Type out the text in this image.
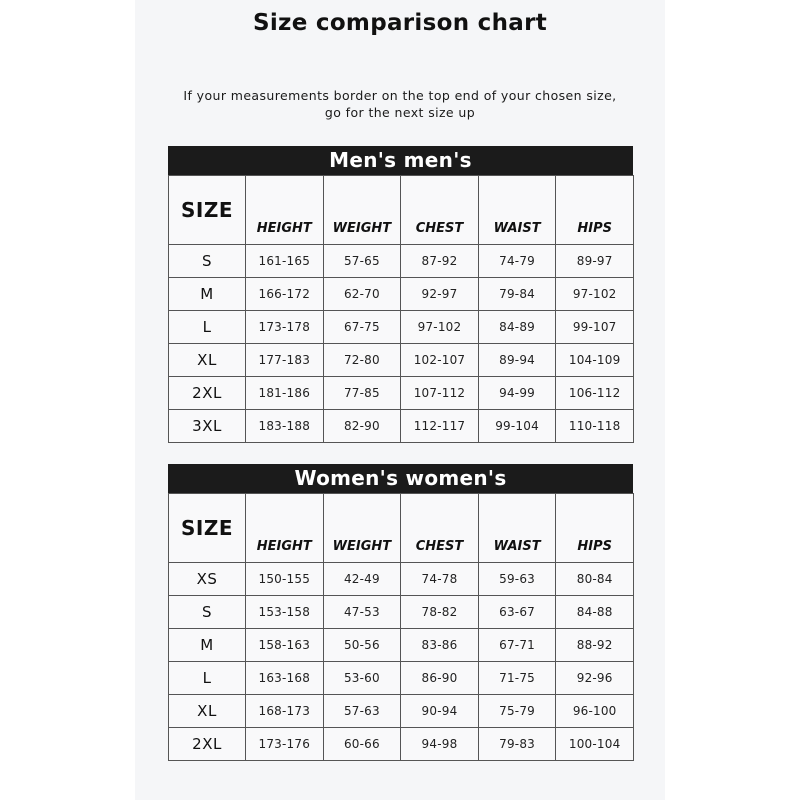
Size comparison chart
If your measurements border on the top end of your chosen size,
go for the next size up
Men's men's
SIZE	HEIGHT	WEIGHT	CHEST	WAIST	HIPS
S	161-165	57-65	87-92	74-79	89-97
M	166-172	62-70	92-97	79-84	97-102
L	173-178	67-75	97-102	84-89	99-107
XL	177-183	72-80	102-107	89-94	104-109
2XL	181-186	77-85	107-112	94-99	106-112
3XL	183-188	82-90	112-117	99-104	110-118
Women's women's
SIZE	HEIGHT	WEIGHT	CHEST	WAIST	HIPS
XS	150-155	42-49	74-78	59-63	80-84
S	153-158	47-53	78-82	63-67	84-88
M	158-163	50-56	83-86	67-71	88-92
L	163-168	53-60	86-90	71-75	92-96
XL	168-173	57-63	90-94	75-79	96-100
2XL	173-176	60-66	94-98	79-83	100-104
